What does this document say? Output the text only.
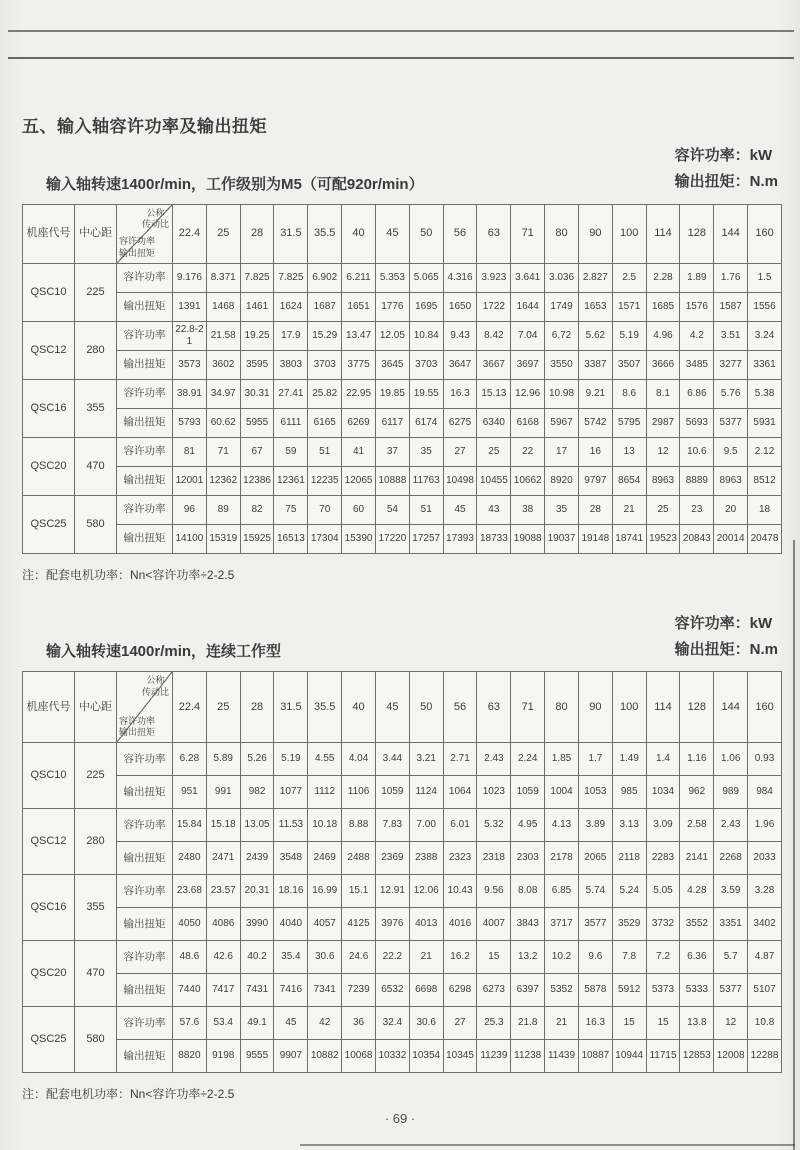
五、输入轴容许功率及输出扭矩
输入轴转速1400r/min，工作级别为M5（可配920r/min）
容许功率：kW
输出扭矩：N.m
机座代号	中心距	公称
传动比
容许功率
输出扭矩	22.4	25	28	31.5	35.5	40	45	50	56	63	71	80	90	100	114	128	144	160
QSC10	225	容许功率	9.176	8.371	7.825	7.825	6.902	6.211	5.353	5.065	4.316	3.923	3.641	3.036	2.827	2.5	2.28	1.89	1.76	1.5
		输出扭矩	1391	1468	1461	1624	1687	1651	1776	1695	1650	1722	1644	1749	1653	1571	1685	1576	1587	1556
QSC12	280	容许功率	22.8-21	21.58	19.25	17.9	15.29	13.47	12.05	10.84	9.43	8.42	7.04	6.72	5.62	5.19	4.96	4.2	3.51	3.24
		输出扭矩	3573	3602	3595	3803	3703	3775	3645	3703	3647	3667	3697	3550	3387	3507	3666	3485	3277	3361
QSC16	355	容许功率	38.91	34.97	30.31	27.41	25.82	22.95	19.85	19.55	16.3	15.13	12.96	10.98	9.21	8.6	8.1	6.86	5.76	5.38
		输出扭矩	5793	60.62	5955	6111	6165	6269	6117	6174	6275	6340	6168	5967	5742	5795	2987	5693	5377	5931
QSC20	470	容许功率	81	71	67	59	51	41	37	35	27	25	22	17	16	13	12	10.6	9.5	2.12
		输出扭矩	12001	12362	12386	12361	12235	12065	10888	11763	10498	10455	10662	8920	9797	8654	8963	8889	8963	8512
QSC25	580	容许功率	96	89	82	75	70	60	54	51	45	43	38	35	28	21	25	23	20	18
		输出扭矩	14100	15319	15925	16513	17304	15390	17220	17257	17393	18733	19088	19037	19148	18741	19523	20843	20014	20478
注：配套电机功率：Nn<容许功率÷2-2.5
输入轴转速1400r/min，连续工作型
容许功率：kW
输出扭矩：N.m
机座代号	中心距	公称
传动比
容许功率
输出扭矩	22.4	25	28	31.5	35.5	40	45	50	56	63	71	80	90	100	114	128	144	160
QSC10	225	容许功率	6.28	5.89	5.26	5.19	4.55	4.04	3.44	3.21	2.71	2.43	2.24	1.85	1.7	1.49	1.4	1.16	1.06	0.93
		输出扭矩	951	991	982	1077	1112	1106	1059	1124	1064	1023	1059	1004	1053	985	1034	962	989	984
QSC12	280	容许功率	15.84	15.18	13.05	11.53	10.18	8.88	7.83	7.00	6.01	5.32	4.95	4.13	3.89	3.13	3.09	2.58	2.43	1.96
		输出扭矩	2480	2471	2439	3548	2469	2488	2369	2388	2323	2318	2303	2178	2065	2118	2283	2141	2268	2033
QSC16	355	容许功率	23.68	23.57	20.31	18.16	16.99	15.1	12.91	12.06	10.43	9.56	8.08	6.85	5.74	5.24	5.05	4.28	3.59	3.28
		输出扭矩	4050	4086	3990	4040	4057	4125	3976	4013	4016	4007	3843	3717	3577	3529	3732	3552	3351	3402
QSC20	470	容许功率	48.6	42.6	40.2	35.4	30.6	24.6	22.2	21	16.2	15	13.2	10.2	9.6	7.8	7.2	6.36	5.7	4.87
		输出扭矩	7440	7417	7431	7416	7341	7239	6532	6698	6298	6273	6397	5352	5878	5912	5373	5333	5377	5107
QSC25	580	容许功率	57.6	53.4	49.1	45	42	36	32.4	30.6	27	25.3	21.8	21	16.3	15	15	13.8	12	10.8
		输出扭矩	8820	9198	9555	9907	10882	10068	10332	10354	10345	11239	11238	11439	10887	10944	11715	12853	12008	12288
注：配套电机功率：Nn<容许功率÷2-2.5
· 69 ·
